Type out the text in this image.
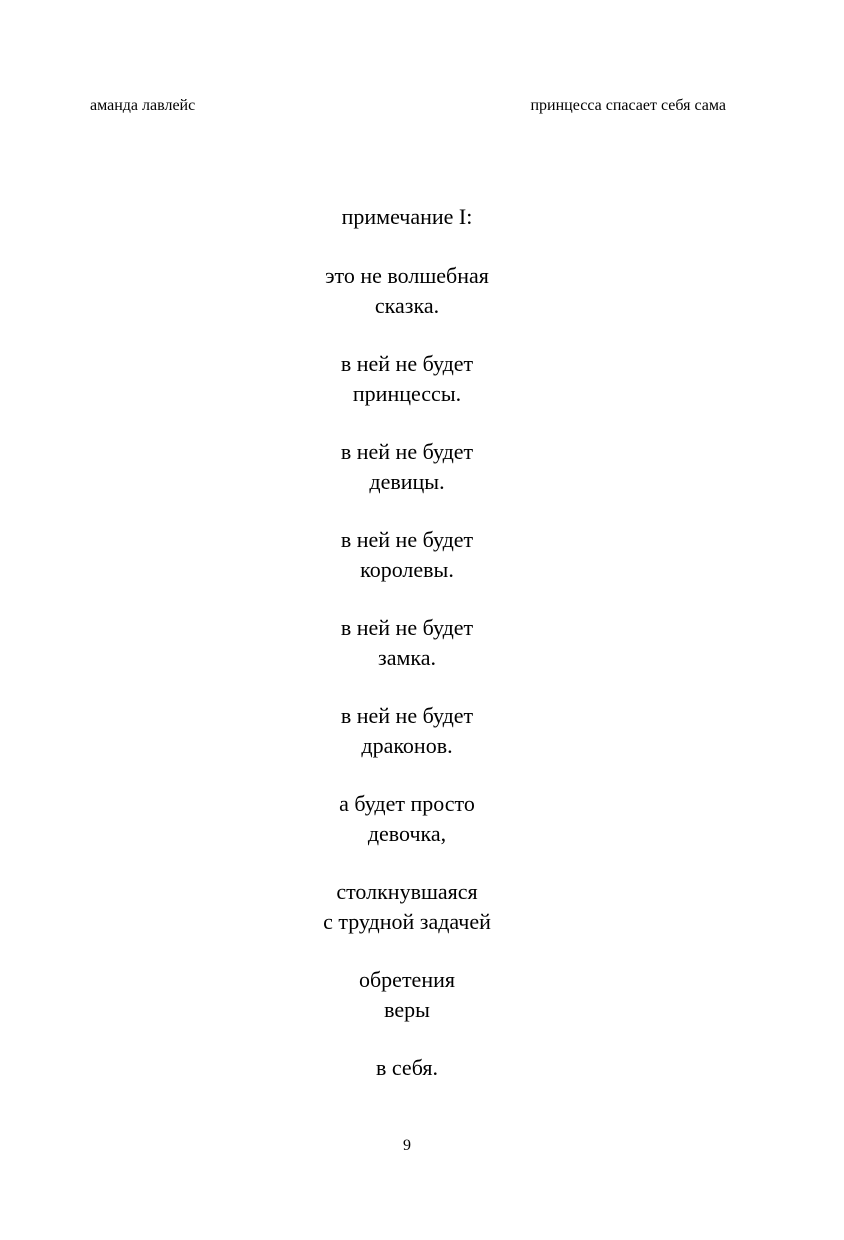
аманда лавлейс	принцесса спасает себя сама
примечание I:
это не волшебная
сказка.
в ней не будет
принцессы.
в ней не будет
девицы.
в ней не будет
королевы.
в ней не будет
замка.
в ней не будет
драконов.
а будет просто
девочка,
столкнувшаяся
с трудной задачей
обретения
веры
в себя.
9
